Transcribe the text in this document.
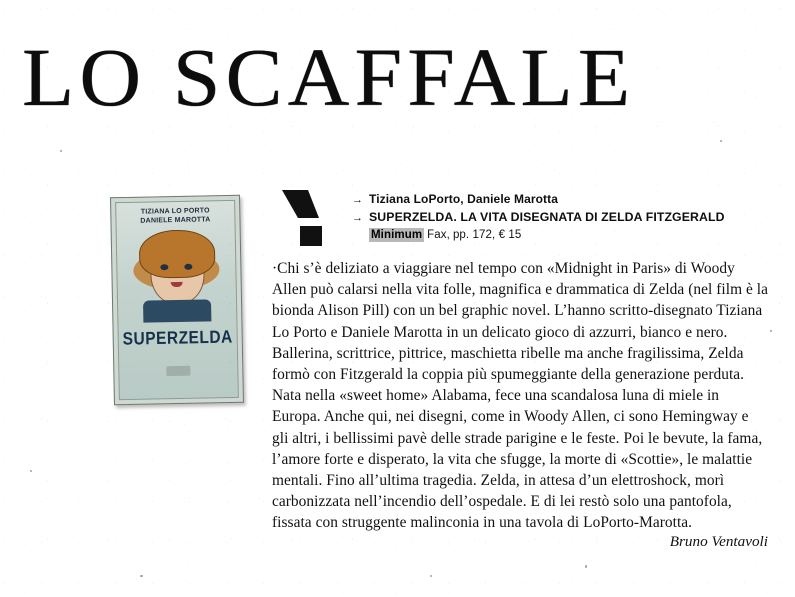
LO SCAFFALE
TIZIANA LO PORTO
DANIELE MAROTTA
SUPERZELDA
→ Tiziana LoPorto, Daniele Marotta
→ SUPERZELDA. LA VITA DISEGNATA DI ZELDA FITZGERALD
Minimum Fax, pp. 172, € 15

·Chi s’è deliziato a viaggiare nel tempo con «Midnight in Paris» di Woody Allen può calarsi nella vita folle, magnifica e drammatica di Zelda (nel film è la bionda Alison Pill) con un bel graphic novel. L’hanno scritto-disegnato Tiziana Lo Porto e Daniele Marotta in un delicato gioco di azzurri, bianco e nero. Ballerina, scrittrice, pittrice, maschietta ribelle ma anche fragilissima, Zelda formò con Fitzgerald la coppia più spumeggiante della generazione perduta. Nata nella «sweet home» Alabama, fece una scandalosa luna di miele in Europa. Anche qui, nei disegni, come in Woody Allen, ci sono Hemingway e gli altri, i bellissimi pavè delle strade parigine e le feste. Poi le bevute, la fama, l’amore forte e disperato, la vita che sfugge, la morte di «Scottie», le malattie mentali. Fino all’ultima tragedia. Zelda, in attesa d’un elettroshock, morì carbonizzata nell’incendio dell’ospedale. E di lei restò solo una pantofola, fissata con struggente malinconia in una tavola di LoPorto-Marotta.

Bruno Ventavoli
